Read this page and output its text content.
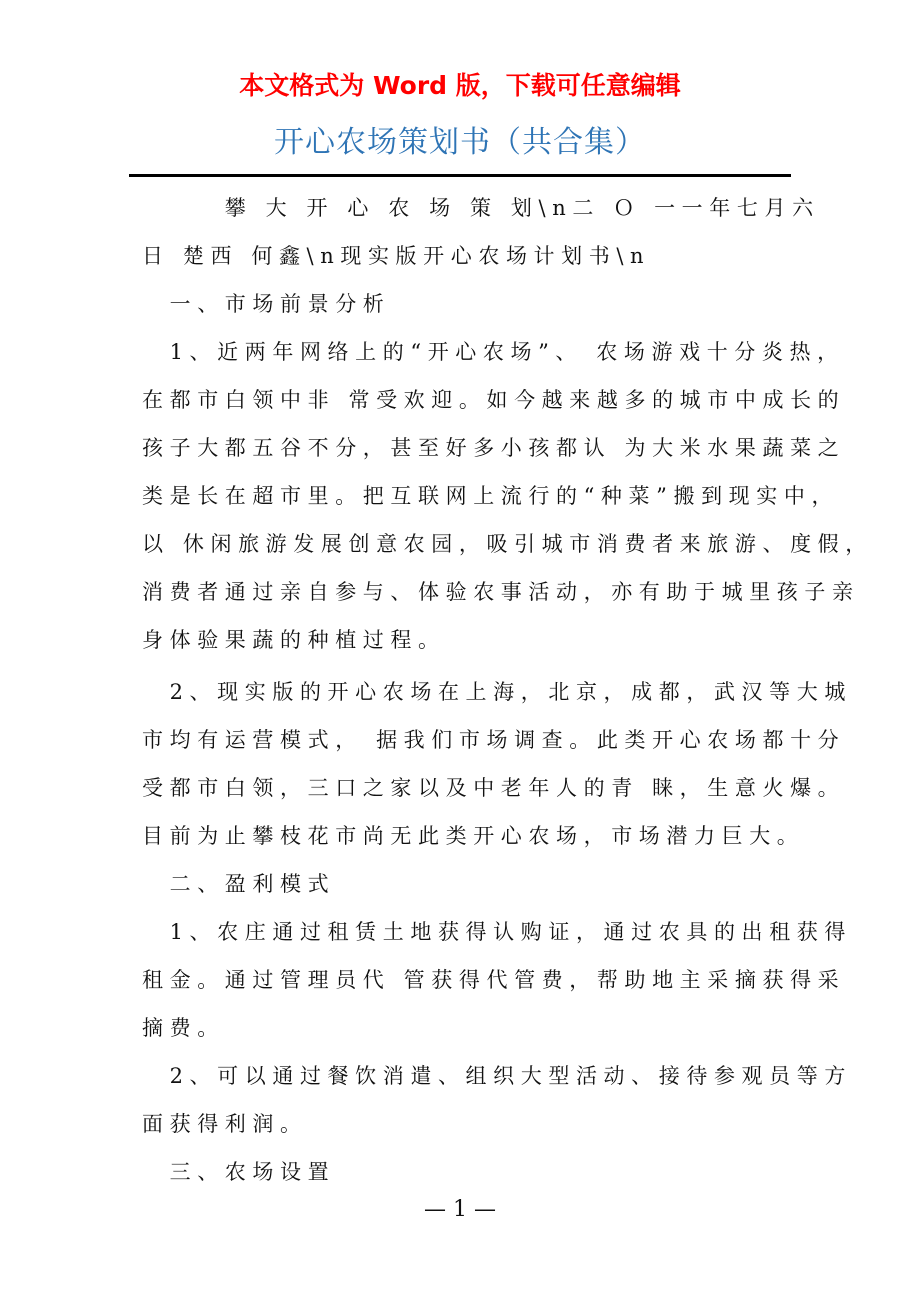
本文格式为 Word 版，下载可任意编辑
开心农场策划书（共合集）
　　　攀 大 开 心 农 场 策 划\n二 Ｏ 一一年七月六
日 楚西 何鑫\n现实版开心农场计划书\n
　一、市场前景分析
　1、近两年网络上的“开心农场”、 农场游戏十分炎热，
在都市白领中非 常受欢迎。如今越来越多的城市中成长的
孩子大都五谷不分，甚至好多小孩都认 为大米水果蔬菜之
类是长在超市里。把互联网上流行的“种菜”搬到现实中，
以 休闲旅游发展创意农园，吸引城市消费者来旅游、度假，
消费者通过亲自参与、体验农事活动，亦有助于城里孩子亲
身体验果蔬的种植过程。
　2、现实版的开心农场在上海，北京，成都，武汉等大城
市均有运营模式， 据我们市场调查。此类开心农场都十分
受都市白领，三口之家以及中老年人的青 睐，生意火爆。
目前为止攀枝花市尚无此类开心农场，市场潜力巨大。
　二、盈利模式
　1、农庄通过租赁土地获得认购证，通过农具的出租获得
租金。通过管理员代 管获得代管费，帮助地主采摘获得采
摘费。
　2、可以通过餐饮消遣、组织大型活动、接待参观员等方
面获得利润。
　三、农场设置
— 1 —
